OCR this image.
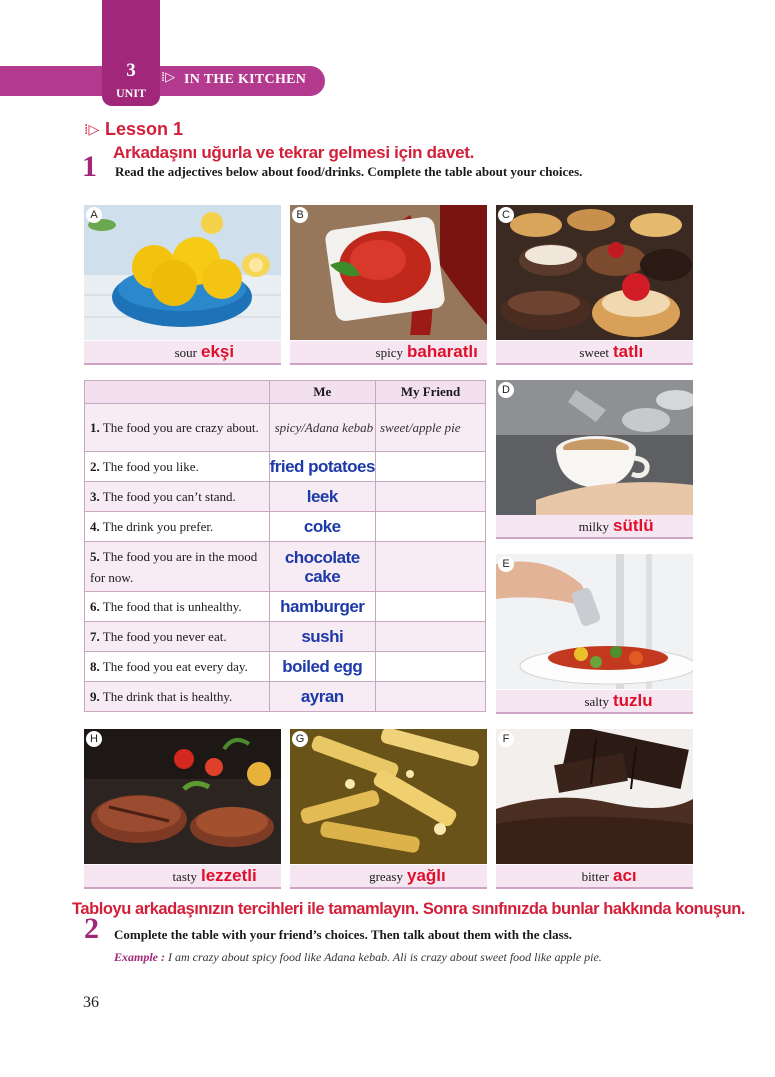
3
UNIT
⁞▷ IN THE KITCHEN
⁞▷ Lesson 1
Arkadaşını uğurla ve tekrar gelmesi için davet.
1 Read the adjectives below about food/drinks. Complete the table about your choices.
A
sour ekşi
B
spicy baharatlı
C
sweet tatlı
	Me	My Friend
1. The food you are crazy about.	spicy/Adana kebab	sweet/apple pie
2. The food you like.	fried potatoes	
3. The food you can’t stand.	leek	
4. The drink you prefer.	coke	
5. The food you are in the mood for now.	chocolate cake	
6. The food that is unhealthy.	hamburger	
7. The food you never eat.	sushi	
8. The food you eat every day.	boiled egg	
9. The drink that is healthy.	ayran	
D
milky sütlü
E
salty tuzlu
H
tasty lezzetli
G
greasy yağlı
F
bitter acı
Tabloyu arkadaşınızın tercihleri ile tamamlayın. Sonra sınıfınızda bunlar hakkında konuşun.
2 Complete the table with your friend’s choices. Then talk about them with the class.
Example : I am crazy about spicy food like Adana kebab. Ali is crazy about sweet food like apple pie.
36
